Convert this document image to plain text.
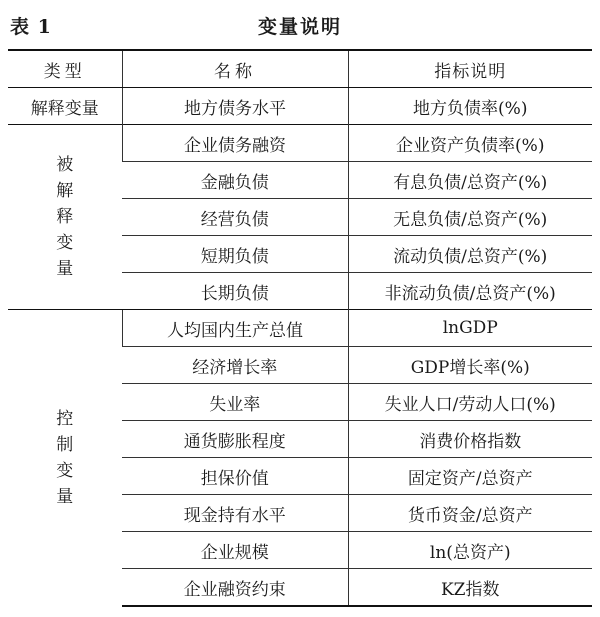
表 1	变量说明
类型	名称	指标说明
解释变量	地方债务水平	地方负债率(%)

被
解
释
变
量	企业债务融资	企业资产负债率(%)
	金融负债	有息负债/总资产(%)
	经营负债	无息负债/总资产(%)
	短期负债	流动负债/总资产(%)
	长期负债	非流动负债/总资产(%)

控
制
变
量	人均国内生产总值	lnGDP
	经济增长率	GDP增长率(%)
	失业率	失业人口/劳动人口(%)
	通货膨胀程度	消费价格指数
	担保价值	固定资产/总资产
	现金持有水平	货币资金/总资产
	企业规模	ln(总资产)
	企业融资约束	KZ指数
